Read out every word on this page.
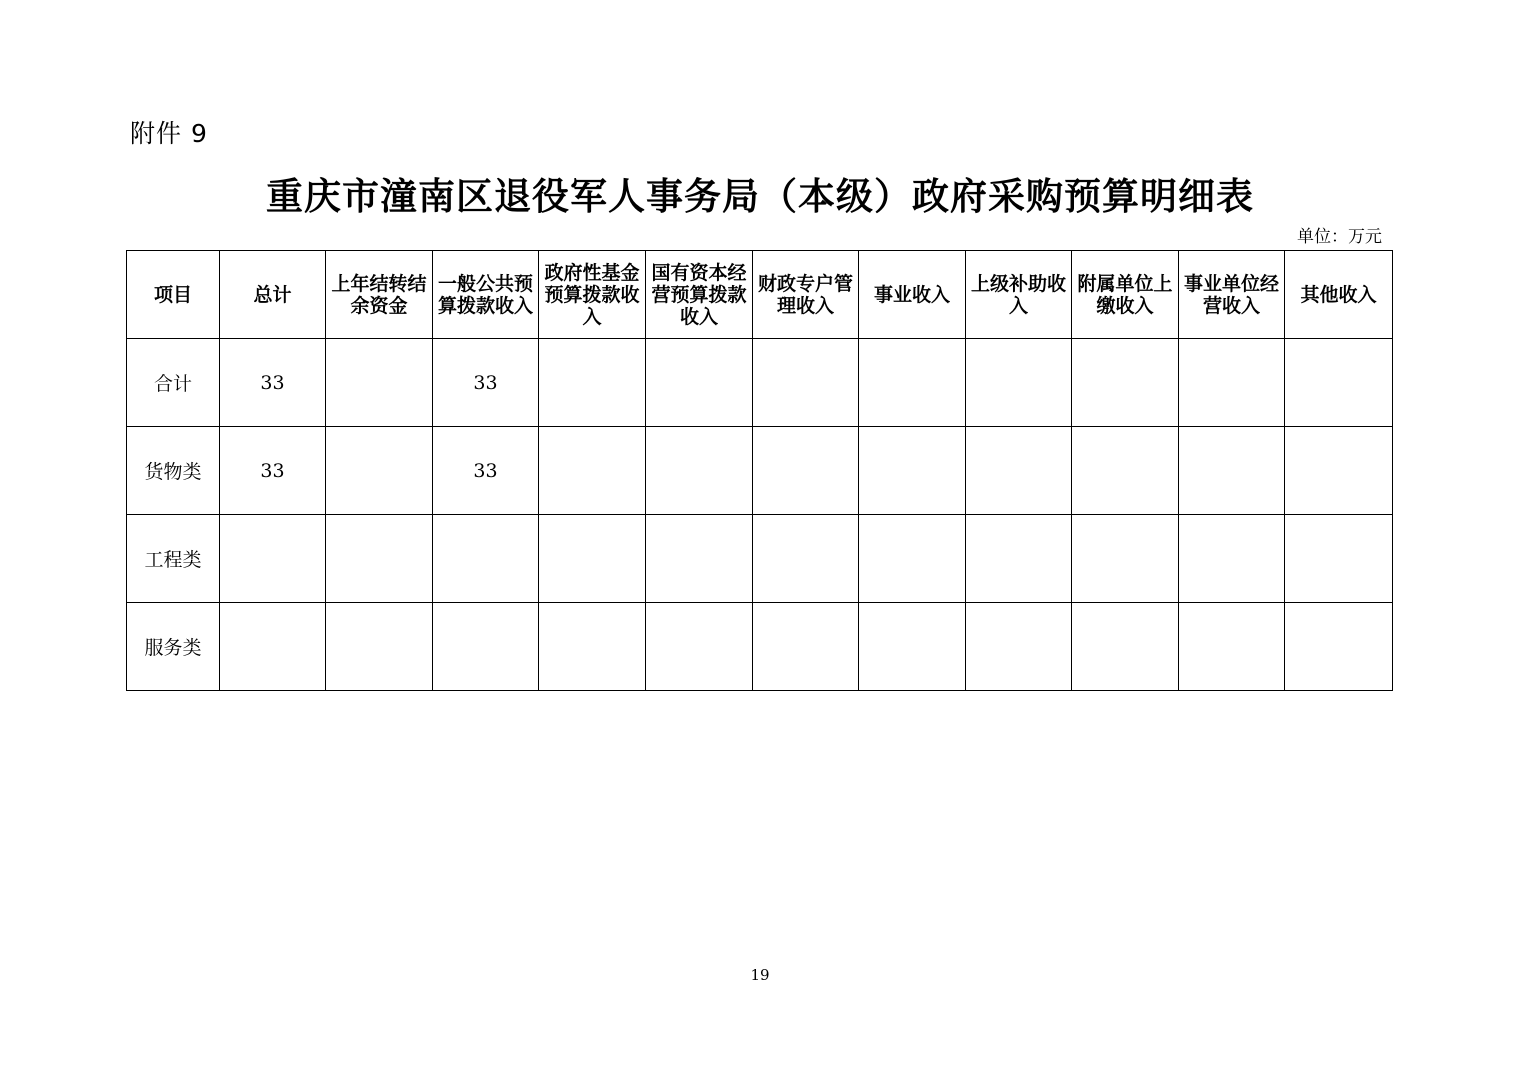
附件 9
重庆市潼南区退役军人事务局（本级）政府采购预算明细表
单位：万元
项目	总计	上年结转结余资金	一般公共预算拨款收入	政府性基金预算拨款收入	国有资本经营预算拨款收入	财政专户管理收入	事业收入	上级补助收入	附属单位上缴收入	事业单位经营收入	其他收入
合计	33		33								
货物类	33		33								
工程类											
服务类											
19
